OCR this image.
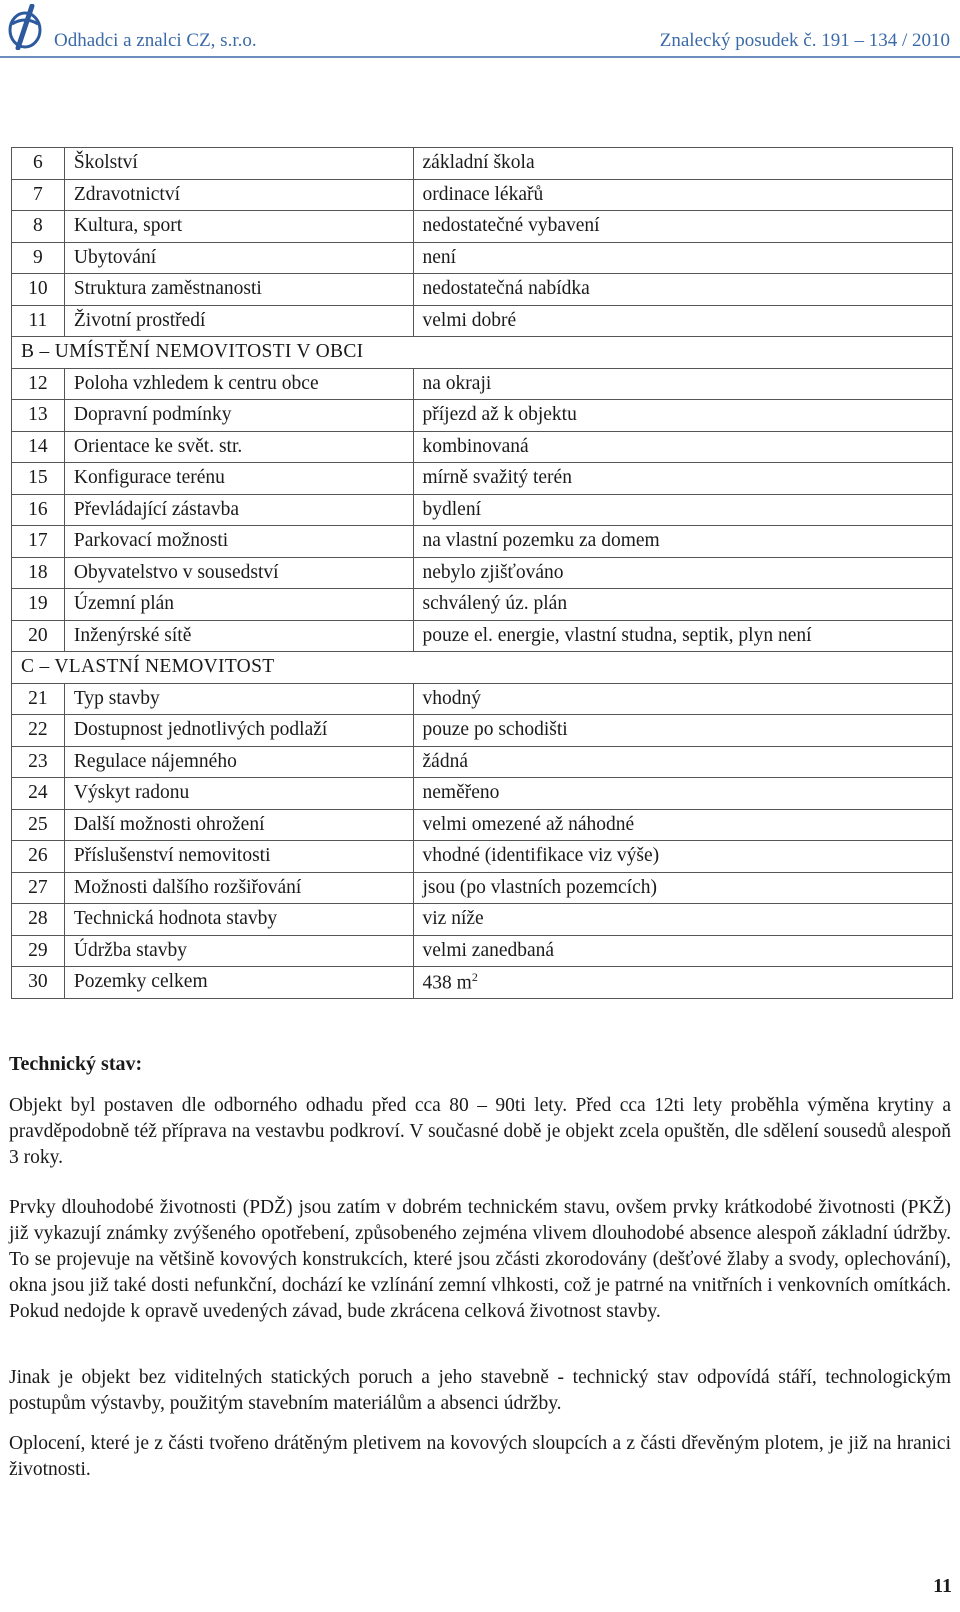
Odhadci a znalci CZ, s.r.o.	Znalecký posudek č. 191 – 134 / 2010
6	Školství	základní škola
7	Zdravotnictví	ordinace lékařů
8	Kultura, sport	nedostatečné vybavení
9	Ubytování	není
10	Struktura zaměstnanosti	nedostatečná nabídka
11	Životní prostředí	velmi dobré
B – UMÍSTĚNÍ NEMOVITOSTI V OBCI		
12	Poloha vzhledem k centru obce	na okraji
13	Dopravní podmínky	příjezd až k objektu
14	Orientace ke svět. str.	kombinovaná
15	Konfigurace terénu	mírně svažitý terén
16	Převládající zástavba	bydlení
17	Parkovací možnosti	na vlastní pozemku za domem
18	Obyvatelstvo v sousedství	nebylo zjišťováno
19	Územní plán	schválený úz. plán
20	Inženýrské sítě	pouze el. energie, vlastní studna, septik, plyn není
C – VLASTNÍ NEMOVITOST		
21	Typ stavby	vhodný
22	Dostupnost jednotlivých podlaží	pouze po schodišti
23	Regulace nájemného	žádná
24	Výskyt radonu	neměřeno
25	Další možnosti ohrožení	velmi omezené až náhodné
26	Příslušenství nemovitosti	vhodné (identifikace viz výše)
27	Možnosti dalšího rozšiřování	jsou (po vlastních pozemcích)
28	Technická hodnota stavby	viz níže
29	Údržba stavby	velmi zanedbaná
30	Pozemky celkem	438 $m^2$
Technický stav:

Objekt byl postaven dle odborného odhadu před cca 80 – 90ti lety. Před cca 12ti lety proběhla výměna krytiny a pravděpodobně též příprava na vestavbu podkroví. V současné době je objekt zcela opuštěn, dle sdělení sousedů alespoň 3 roky.

Prvky dlouhodobé životnosti (PDŽ) jsou zatím v dobrém technickém stavu, ovšem prvky krátkodobé životnosti (PKŽ) již vykazují známky zvýšeného opotřebení, způsobeného zejména vlivem dlouhodobé absence alespoň základní údržby. To se projevuje na většině kovových konstrukcích, které jsou zčásti zkorodovány (dešťové žlaby a svody, oplechování), okna jsou již také dosti nefunkční, dochází ke vzlínání zemní vlhkosti, což je patrné na vnitřních i venkovních omítkách. Pokud nedojde k opravě uvedených závad, bude zkrácena celková životnost stavby.

Jinak je objekt bez viditelných statických poruch a jeho stavebně - technický stav odpovídá stáří, technologickým postupům výstavby, použitým stavebním materiálům a absenci údržby.

Oplocení, které je z části tvořeno drátěným pletivem na kovových sloupcích a z části dřevěným plotem, je již na hranici životnosti.

11
